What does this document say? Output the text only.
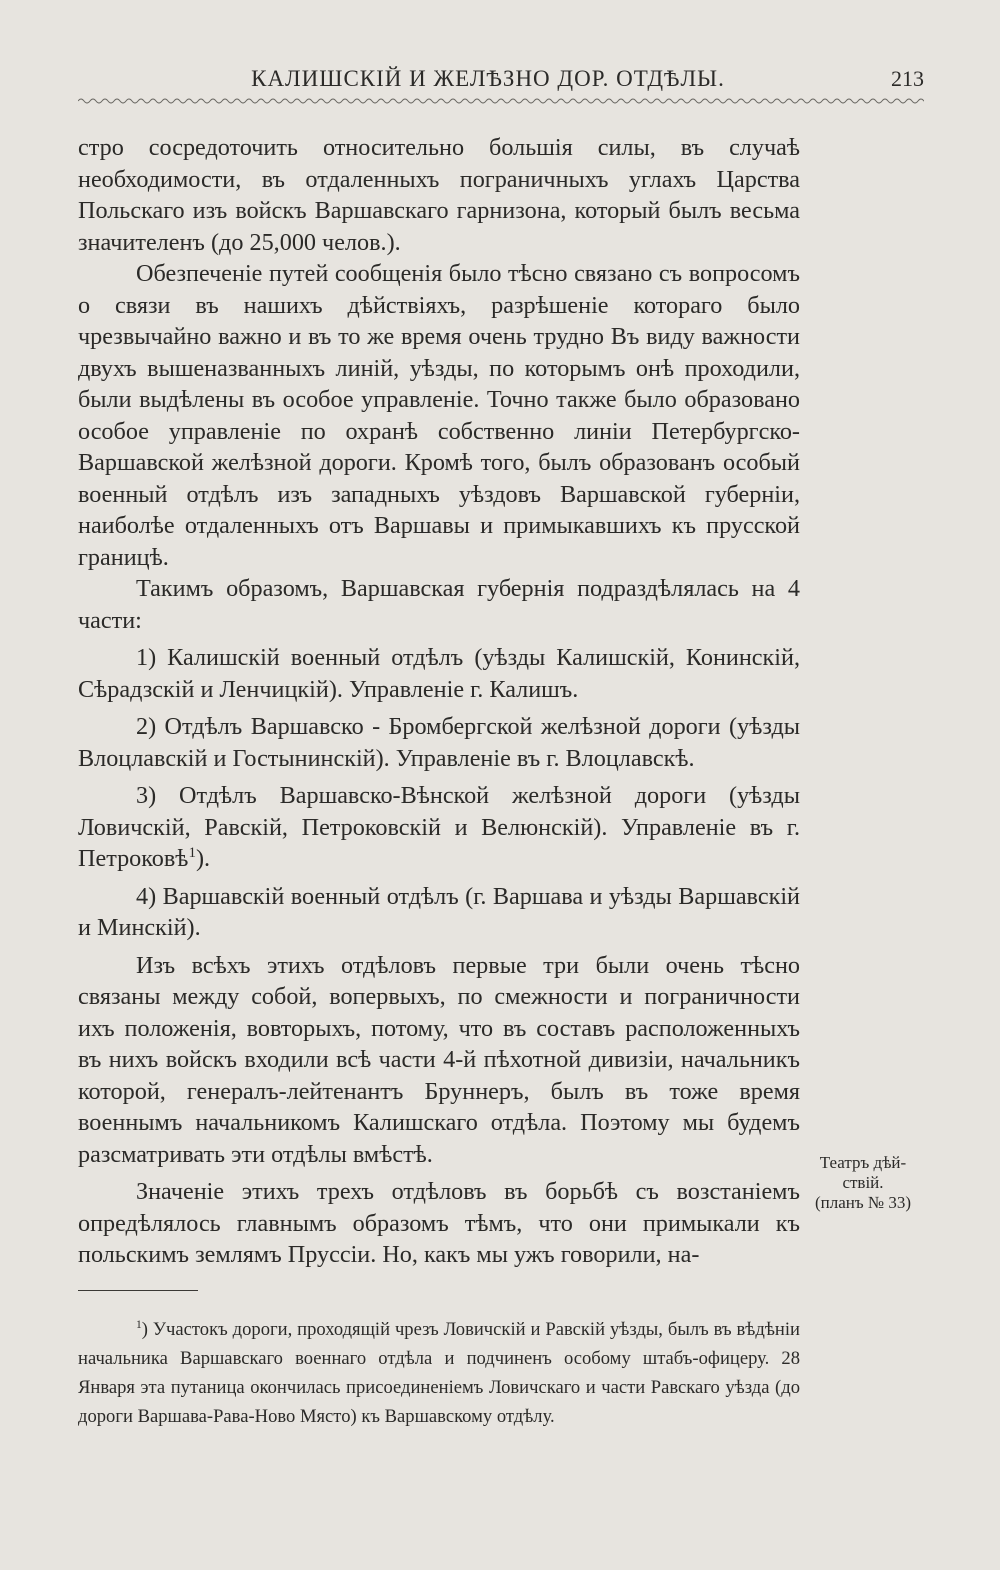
КАЛИШСКІЙ И ЖЕЛѢЗНО ДОР. ОТДѢЛЫ.	213

стро сосредоточить относительно большія силы, въ случаѣ необходимости, въ отдаленныхъ пограничныхъ углахъ Царства Польскаго изъ войскъ Варшавскаго гарнизона, который былъ весьма значителенъ (до 25,000 челов.).

Обезпеченіе путей сообщенія было тѣсно связано съ вопросомъ о связи въ нашихъ дѣйствіяхъ, разрѣшеніе котораго было чрезвычайно важно и въ то же время очень трудно Въ виду важности двухъ вышеназванныхъ линій, уѣзды, по которымъ онѣ проходили, были выдѣлены въ особое управленіе. Точно также было образовано особое управленіе по охранѣ собственно линіи Петербургско-Варшавской желѣзной дороги. Кромѣ того, былъ образованъ особый военный отдѣлъ изъ западныхъ уѣздовъ Варшавской губерніи, наиболѣе отдаленныхъ отъ Варшавы и примыкавшихъ къ прусской границѣ.

Такимъ образомъ, Варшавская губернія подраздѣлялась на 4 части:

1) Калишскій военный отдѣлъ (уѣзды Калишскій, Конинскій, Сѣрадзскій и Ленчицкій). Управленіе г. Калишъ.

2) Отдѣлъ Варшавско - Бромбергской желѣзной дороги (уѣзды Влоцлавскій и Гостынинскій). Управленіе въ г. Влоцлавскѣ.

3) Отдѣлъ Варшавско-Вѣнской желѣзной дороги (уѣзды Ловичскій, Равскій, Петроковскій и Велюнскій). Управленіе въ г. Петроковѣ$^1$).

4) Варшавскій военный отдѣлъ (г. Варшава и уѣзды Варшавскій и Минскій).

Изъ всѣхъ этихъ отдѣловъ первые три были очень тѣсно связаны между собой, вопервыхъ, по смежности и пограничности ихъ положенія, вовторыхъ, потому, что въ составъ расположенныхъ въ нихъ войскъ входили всѣ части 4-й пѣхотной дивизіи, начальникъ которой, генералъ-лейтенантъ Бруннеръ, былъ въ тоже время военнымъ начальникомъ Калишскаго отдѣла. Поэтому мы будемъ разсматривать эти отдѣлы вмѣстѣ.

Значеніе этихъ трехъ отдѣловъ въ борьбѣ съ возстаніемъ опредѣлялось главнымъ образомъ тѣмъ, что они примыкали къ польскимъ землямъ Пруссіи. Но, какъ мы ужъ говорили, на-

Театръ дѣй-
ствій.
(планъ № 33)

$^1$) Участокъ дороги, проходящій чрезъ Ловичскій и Равскій уѣзды, былъ въ вѣдѣніи начальника Варшавскаго военнаго отдѣла и подчиненъ особому штабъ-офицеру. 28 Января эта путаница окончилась присоединеніемъ Ловичскаго и части Равскаго уѣзда (до дороги Варшава-Рава-Ново Място) къ Варшавскому отдѣлу.
